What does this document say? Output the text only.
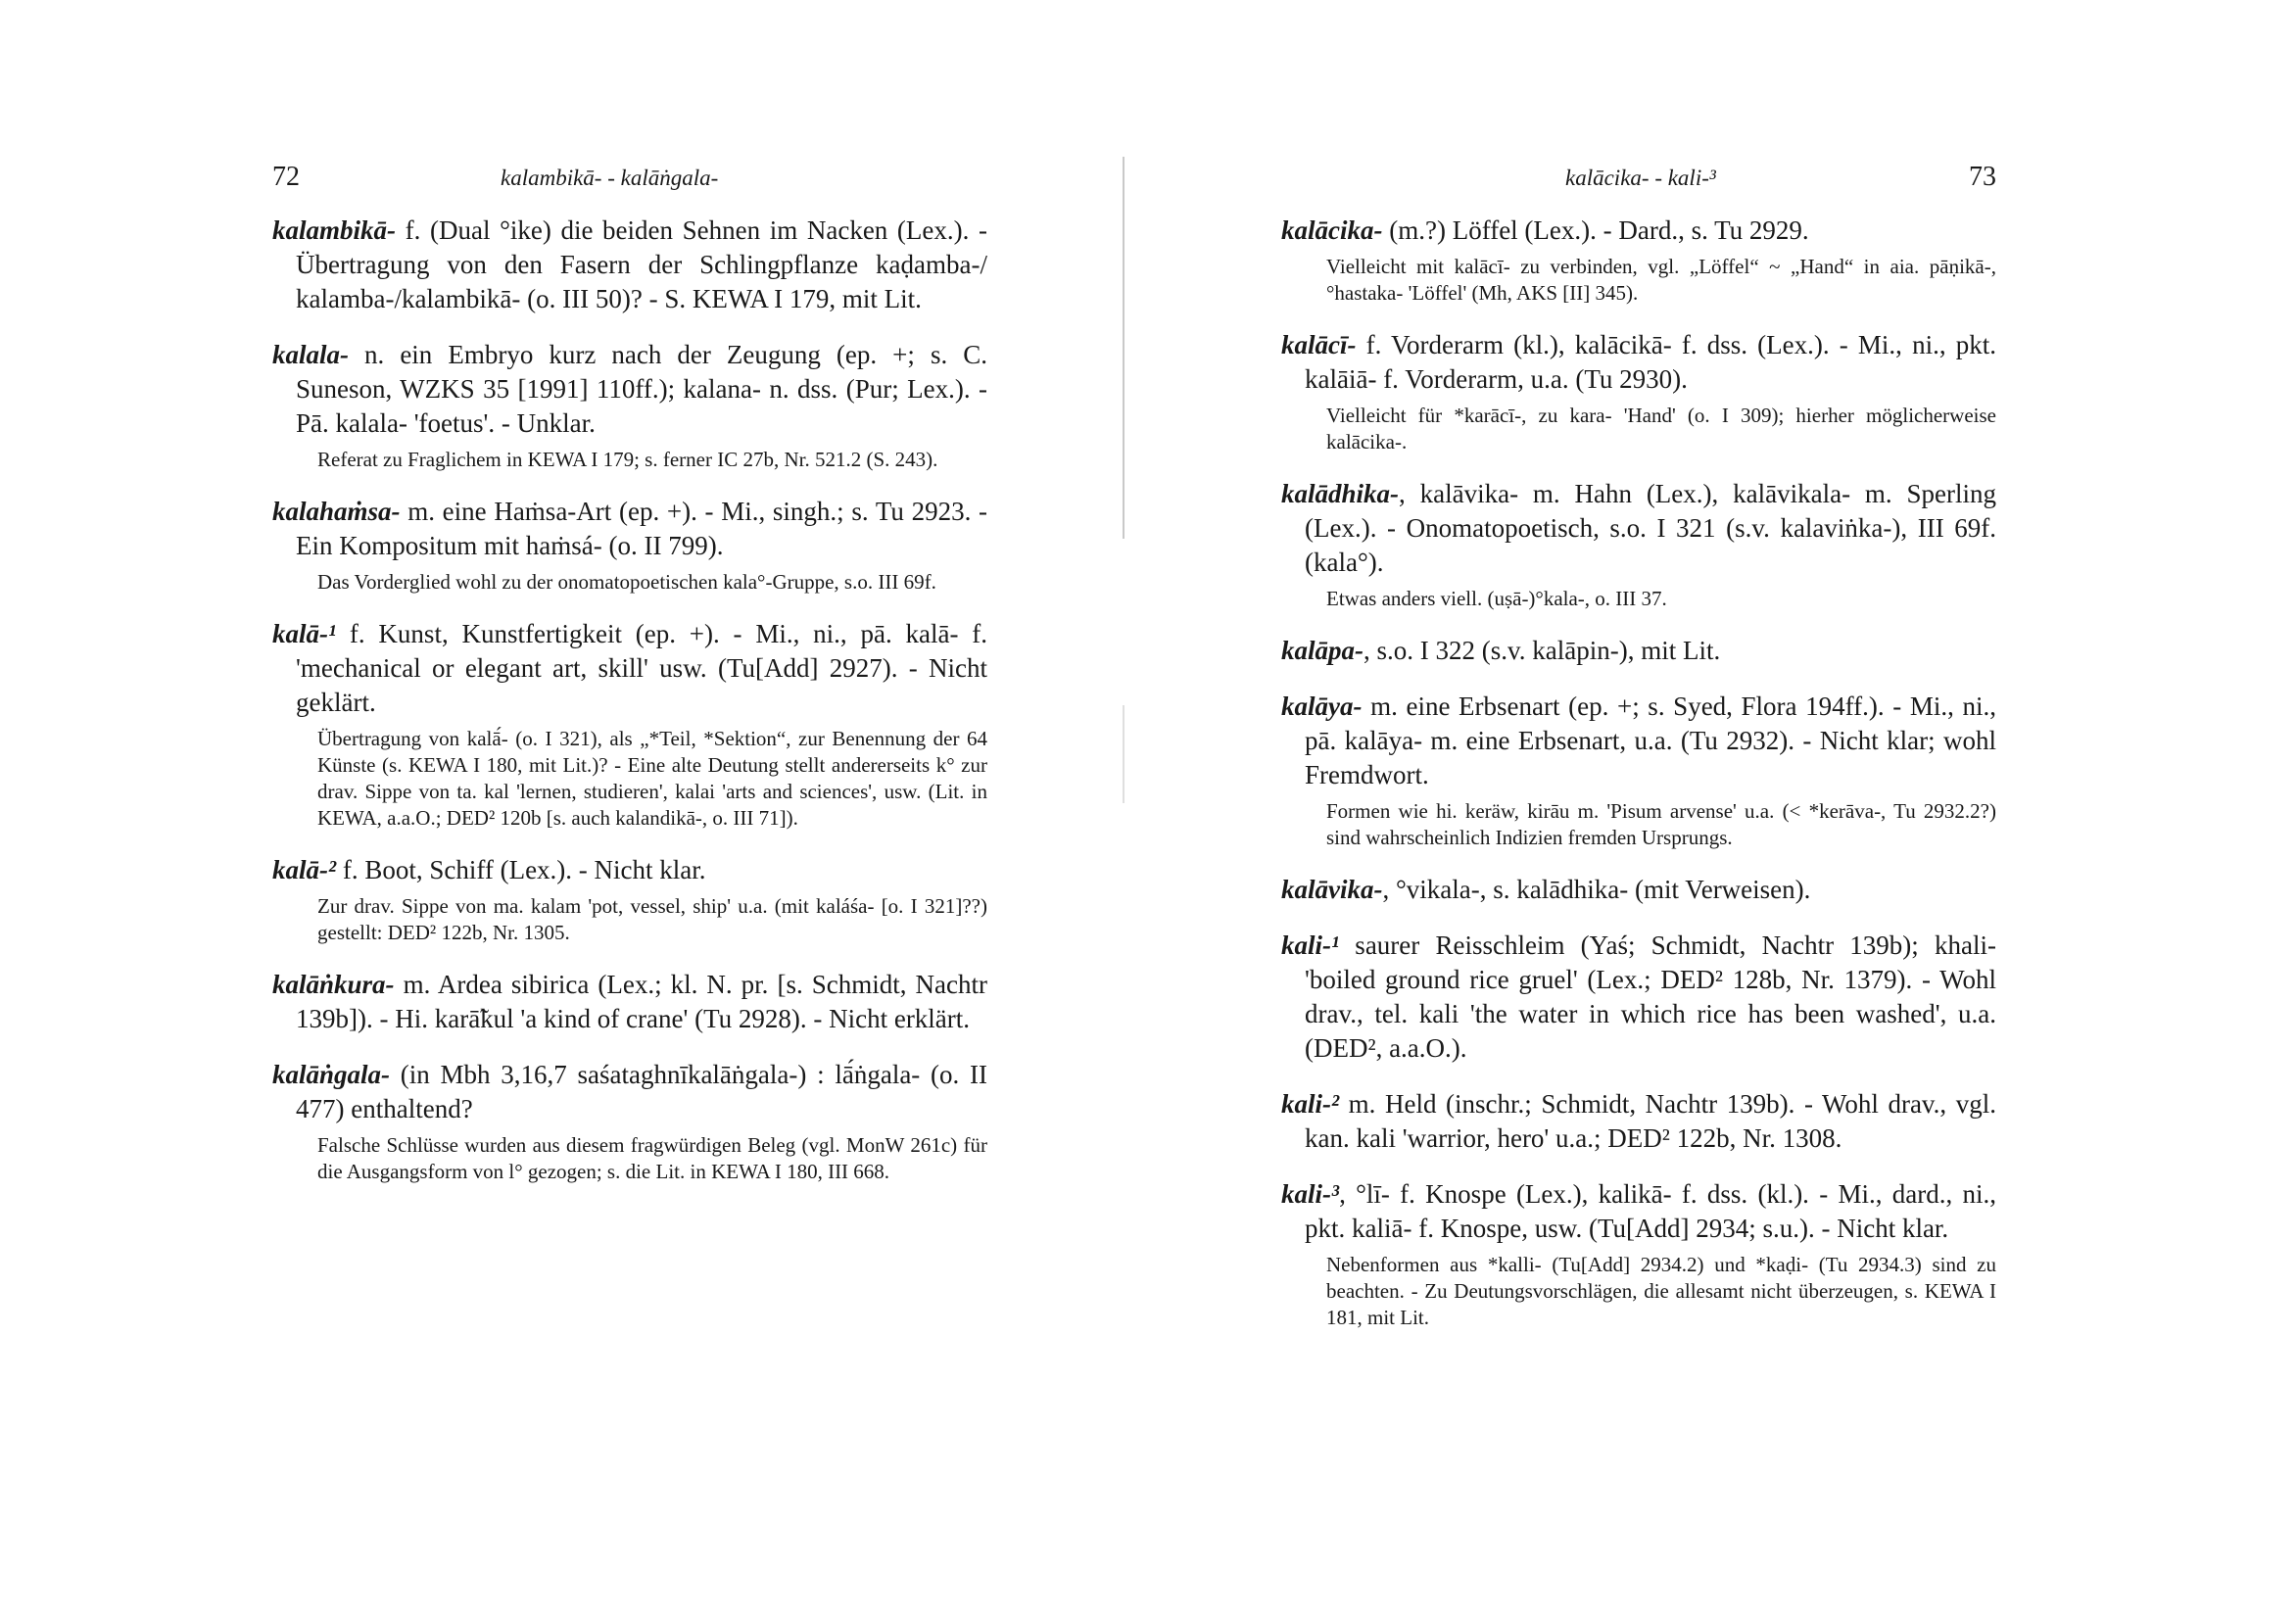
72	kalambikā- - kalāṅgala-
kalambikā- f. (Dual °ike) die beiden Sehnen im Nacken (Lex.). - Übertragung von den Fasern der Schlingpflanze kaḍamba-/ kalamba-/kalambikā- (o. III 50)? - S. KEWA I 179, mit Lit.
kalala- n. ein Embryo kurz nach der Zeugung (ep. +; s. C. Suneson, WZKS 35 [1991] 110ff.); kalana- n. dss. (Pur; Lex.). - Pā. kalala- 'foetus'. - Unklar.
Referat zu Fraglichem in KEWA I 179; s. ferner IC 27b, Nr. 521.2 (S. 243).
kalahaṁsa- m. eine Haṁsa-Art (ep. +). - Mi., singh.; s. Tu 2923. - Ein Kompositum mit haṁsá- (o. II 799).
Das Vorderglied wohl zu der onomatopoetischen kala°-Gruppe, s.o. III 69f.
kalā-¹ f. Kunst, Kunstfertigkeit (ep. +). - Mi., ni., pā. kalā- f. 'mechanical or elegant art, skill' usw. (Tu[Add] 2927). - Nicht geklärt.
Übertragung von kalā́- (o. I 321), als „*Teil, *Sektion“, zur Benennung der 64 Künste (s. KEWA I 180, mit Lit.)? - Eine alte Deutung stellt andererseits k° zur drav. Sippe von ta. kal 'lernen, studieren', kalai 'arts and sciences', usw. (Lit. in KEWA, a.a.O.; DED² 120b [s. auch kalandikā-, o. III 71]).
kalā-² f. Boot, Schiff (Lex.). - Nicht klar.
Zur drav. Sippe von ma. kalam 'pot, vessel, ship' u.a. (mit kaláśa- [o. I 321]??) gestellt: DED² 122b, Nr. 1305.
kalāṅkura- m. Ardea sibirica (Lex.; kl. N. pr. [s. Schmidt, Nachtr 139b]). - Hi. karā̃kul 'a kind of crane' (Tu 2928). - Nicht erklärt.
kalāṅgala- (in Mbh 3,16,7 saśataghnīkalāṅgala-) : lā́ṅgala- (o. II 477) enthaltend?
Falsche Schlüsse wurden aus diesem fragwürdigen Beleg (vgl. MonW 261c) für die Ausgangsform von l° gezogen; s. die Lit. in KEWA I 180, III 668.
kalācika- - kali-³	73
kalācika- (m.?) Löffel (Lex.). - Dard., s. Tu 2929.
Vielleicht mit kalācī- zu verbinden, vgl. „Löffel“ ~ „Hand“ in aia. pāṇikā-, °hastaka- 'Löffel' (Mh, AKS [II] 345).
kalācī- f. Vorderarm (kl.), kalācikā- f. dss. (Lex.). - Mi., ni., pkt. kalāiā- f. Vorderarm, u.a. (Tu 2930).
Vielleicht für *karācī-, zu kara- 'Hand' (o. I 309); hierher möglicherweise kalācika-.
kalādhika-, kalāvika- m. Hahn (Lex.), kalāvikala- m. Sperling (Lex.). - Onomatopoetisch, s.o. I 321 (s.v. kalaviṅka-), III 69f. (kala°).
Etwas anders viell. (uṣā-)°kala-, o. III 37.
kalāpa-, s.o. I 322 (s.v. kalāpin-), mit Lit.
kalāya- m. eine Erbsenart (ep. +; s. Syed, Flora 194ff.). - Mi., ni., pā. kalāya- m. eine Erbsenart, u.a. (Tu 2932). - Nicht klar; wohl Fremdwort.
Formen wie hi. keräw, kirāu m. 'Pisum arvense' u.a. (< *kerāva-, Tu 2932.2?) sind wahrscheinlich Indizien fremden Ursprungs.
kalāvika-, °vikala-, s. kalādhika- (mit Verweisen).
kali-¹ saurer Reisschleim (Yaś; Schmidt, Nachtr 139b); khali- 'boiled ground rice gruel' (Lex.; DED² 128b, Nr. 1379). - Wohl drav., tel. kali 'the water in which rice has been washed', u.a. (DED², a.a.O.).
kali-² m. Held (inschr.; Schmidt, Nachtr 139b). - Wohl drav., vgl. kan. kali 'warrior, hero' u.a.; DED² 122b, Nr. 1308.
kali-³, °lī- f. Knospe (Lex.), kalikā- f. dss. (kl.). - Mi., dard., ni., pkt. kaliā- f. Knospe, usw. (Tu[Add] 2934; s.u.). - Nicht klar.
Nebenformen aus *kalli- (Tu[Add] 2934.2) und *kaḍi- (Tu 2934.3) sind zu beachten. - Zu Deutungsvorschlägen, die allesamt nicht überzeugen, s. KEWA I 181, mit Lit.
